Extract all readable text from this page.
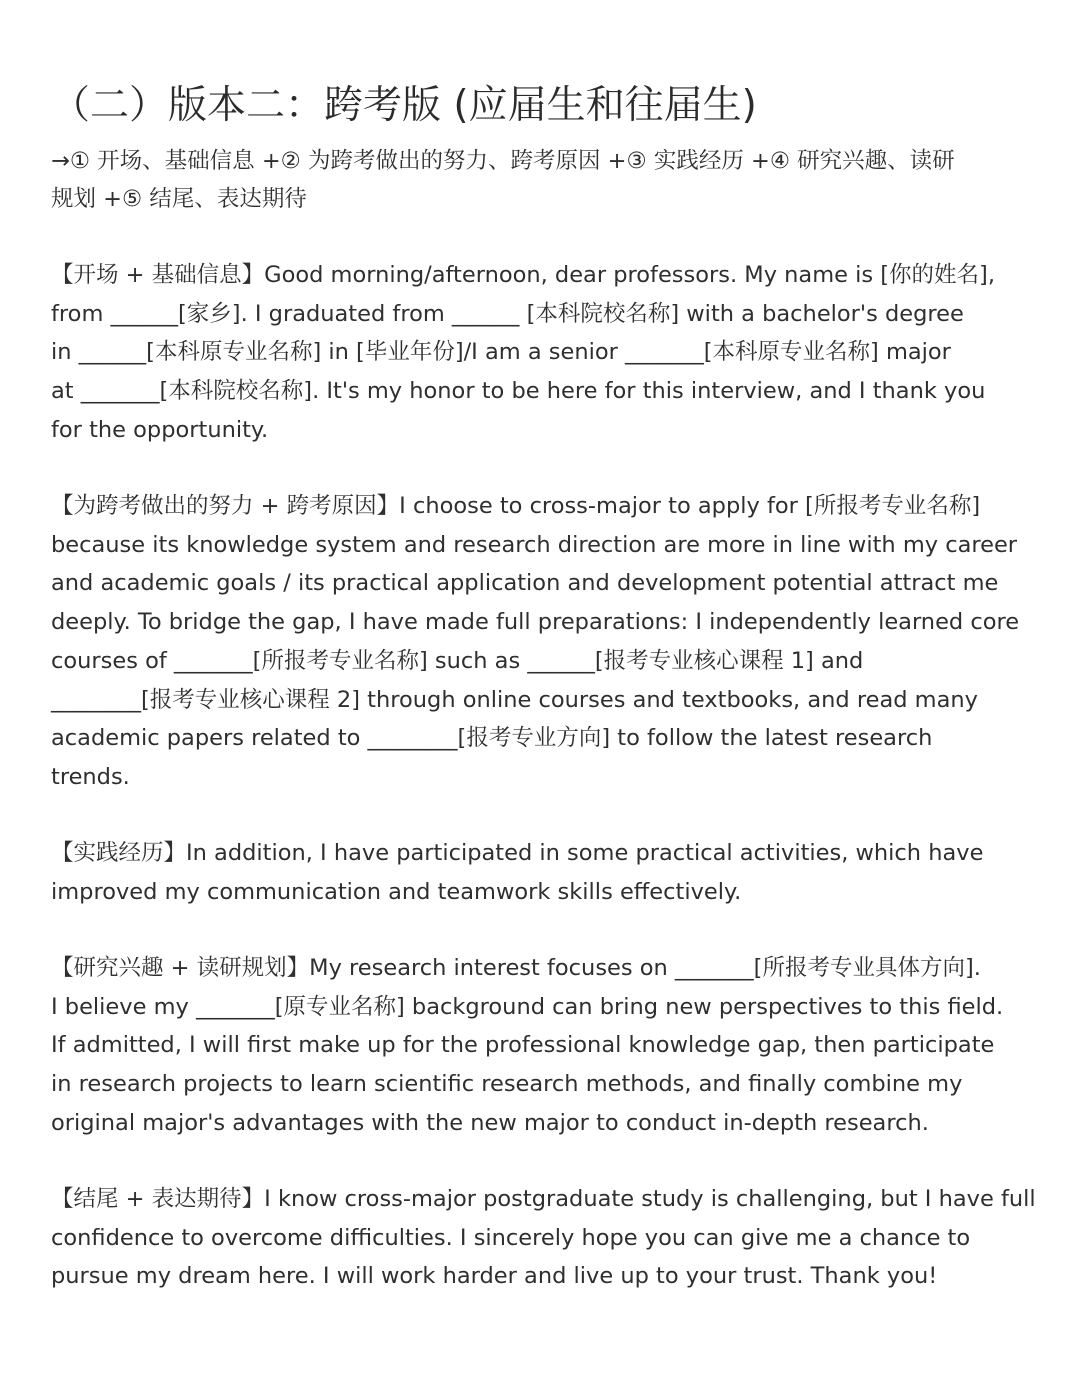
（二）版本二：跨考版 (应届生和往届生)

→① 开场、基础信息 +② 为跨考做出的努力、跨考原因 +③ 实践经历 +④ 研究兴趣、读研
规划 +⑤ 结尾、表达期待

【开场 + 基础信息】Good morning/afternoon, dear professors. My name is [你的姓名],
from ______[家乡]. I graduated from ______ [本科院校名称] with a bachelor's degree
in ______[本科原专业名称] in [毕业年份]/I am a senior _______[本科原专业名称] major
at _______[本科院校名称]. It's my honor to be here for this interview, and I thank you
for the opportunity.

【为跨考做出的努力 + 跨考原因】I choose to cross-major to apply for [所报考专业名称]
because its knowledge system and research direction are more in line with my career
and academic goals / its practical application and development potential attract me
deeply. To bridge the gap, I have made full preparations: I independently learned core
courses of _______[所报考专业名称] such as ______[报考专业核心课程 1] and
________[报考专业核心课程 2] through online courses and textbooks, and read many
academic papers related to ________[报考专业方向] to follow the latest research
trends.

【实践经历】In addition, I have participated in some practical activities, which have
improved my communication and teamwork skills effectively.

【研究兴趣 + 读研规划】My research interest focuses on _______[所报考专业具体方向].
I believe my _______[原专业名称] background can bring new perspectives to this field.
If admitted, I will first make up for the professional knowledge gap, then participate
in research projects to learn scientific research methods, and finally combine my
original major's advantages with the new major to conduct in-depth research.

【结尾 + 表达期待】I know cross-major postgraduate study is challenging, but I have full
confidence to overcome difficulties. I sincerely hope you can give me a chance to
pursue my dream here. I will work harder and live up to your trust. Thank you!
